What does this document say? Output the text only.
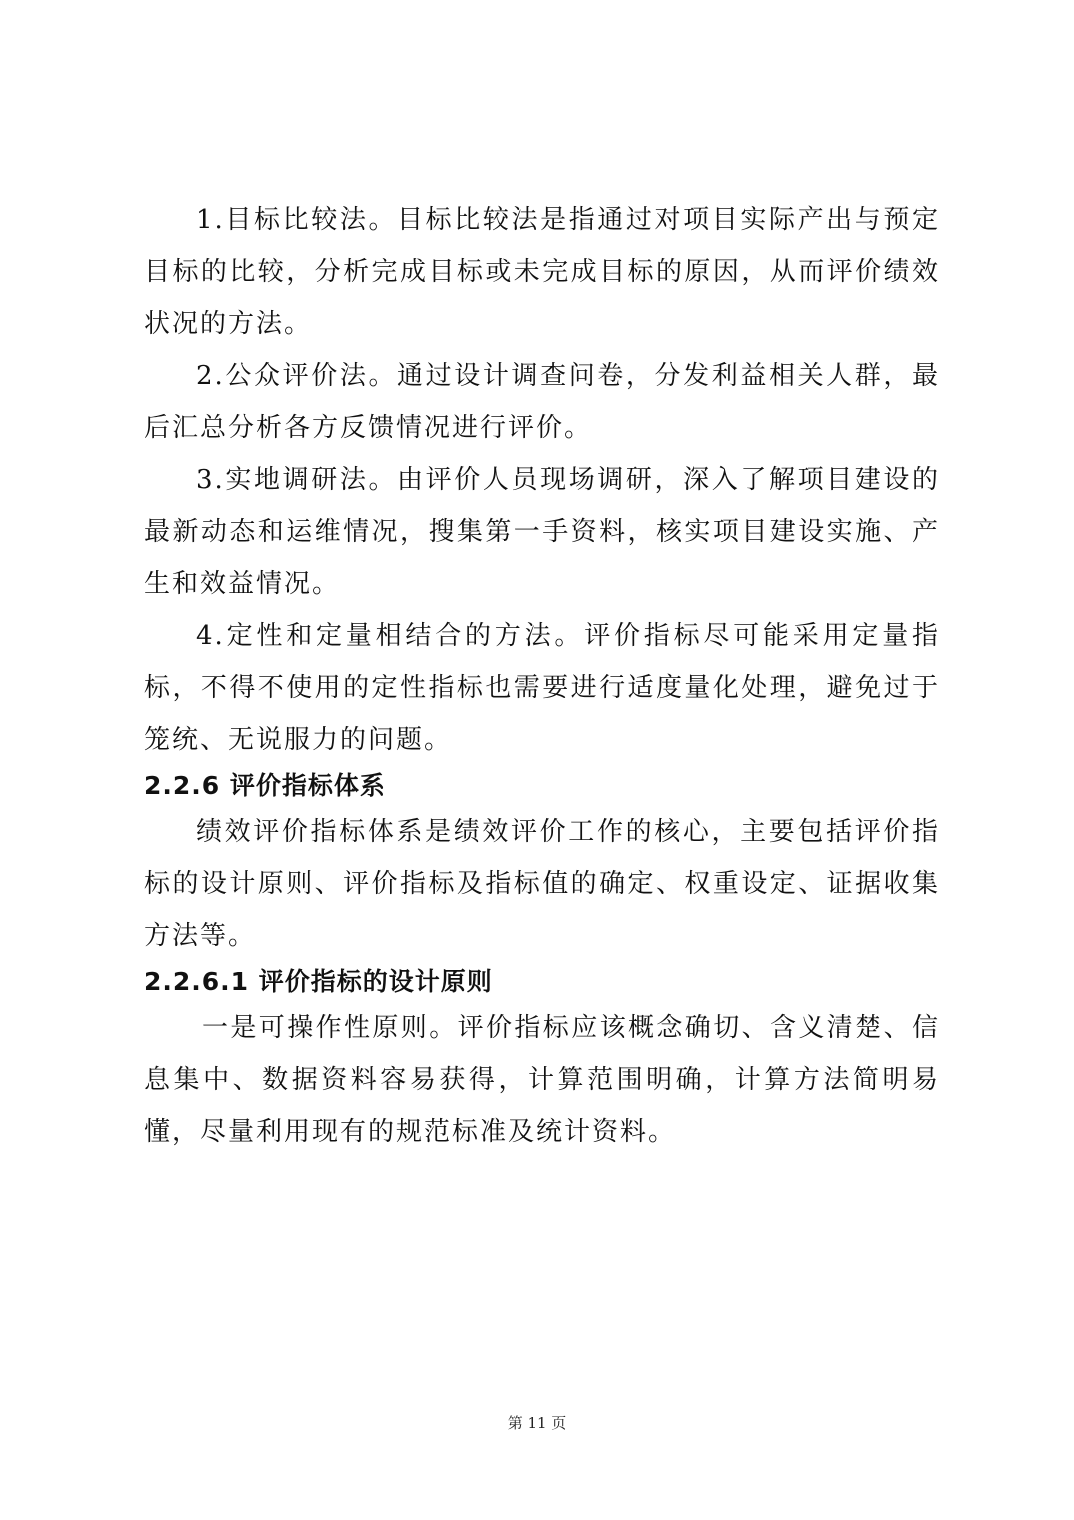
1.目标比较法。目标比较法是指通过对项目实际产出与预定目标的比较，分析完成目标或未完成目标的原因，从而评价绩效状况的方法。

2.公众评价法。通过设计调查问卷，分发利益相关人群，最后汇总分析各方反馈情况进行评价。

3.实地调研法。由评价人员现场调研，深入了解项目建设的最新动态和运维情况，搜集第一手资料，核实项目建设实施、产生和效益情况。

4.定性和定量相结合的方法。评价指标尽可能采用定量指标，不得不使用的定性指标也需要进行适度量化处理，避免过于笼统、无说服力的问题。

2.2.6 评价指标体系

绩效评价指标体系是绩效评价工作的核心，主要包括评价指标的设计原则、评价指标及指标值的确定、权重设定、证据收集方法等。

2.2.6.1 评价指标的设计原则

一是可操作性原则。评价指标应该概念确切、含义清楚、信息集中、数据资料容易获得，计算范围明确，计算方法简明易懂，尽量利用现有的规范标准及统计资料。

第 11 页
